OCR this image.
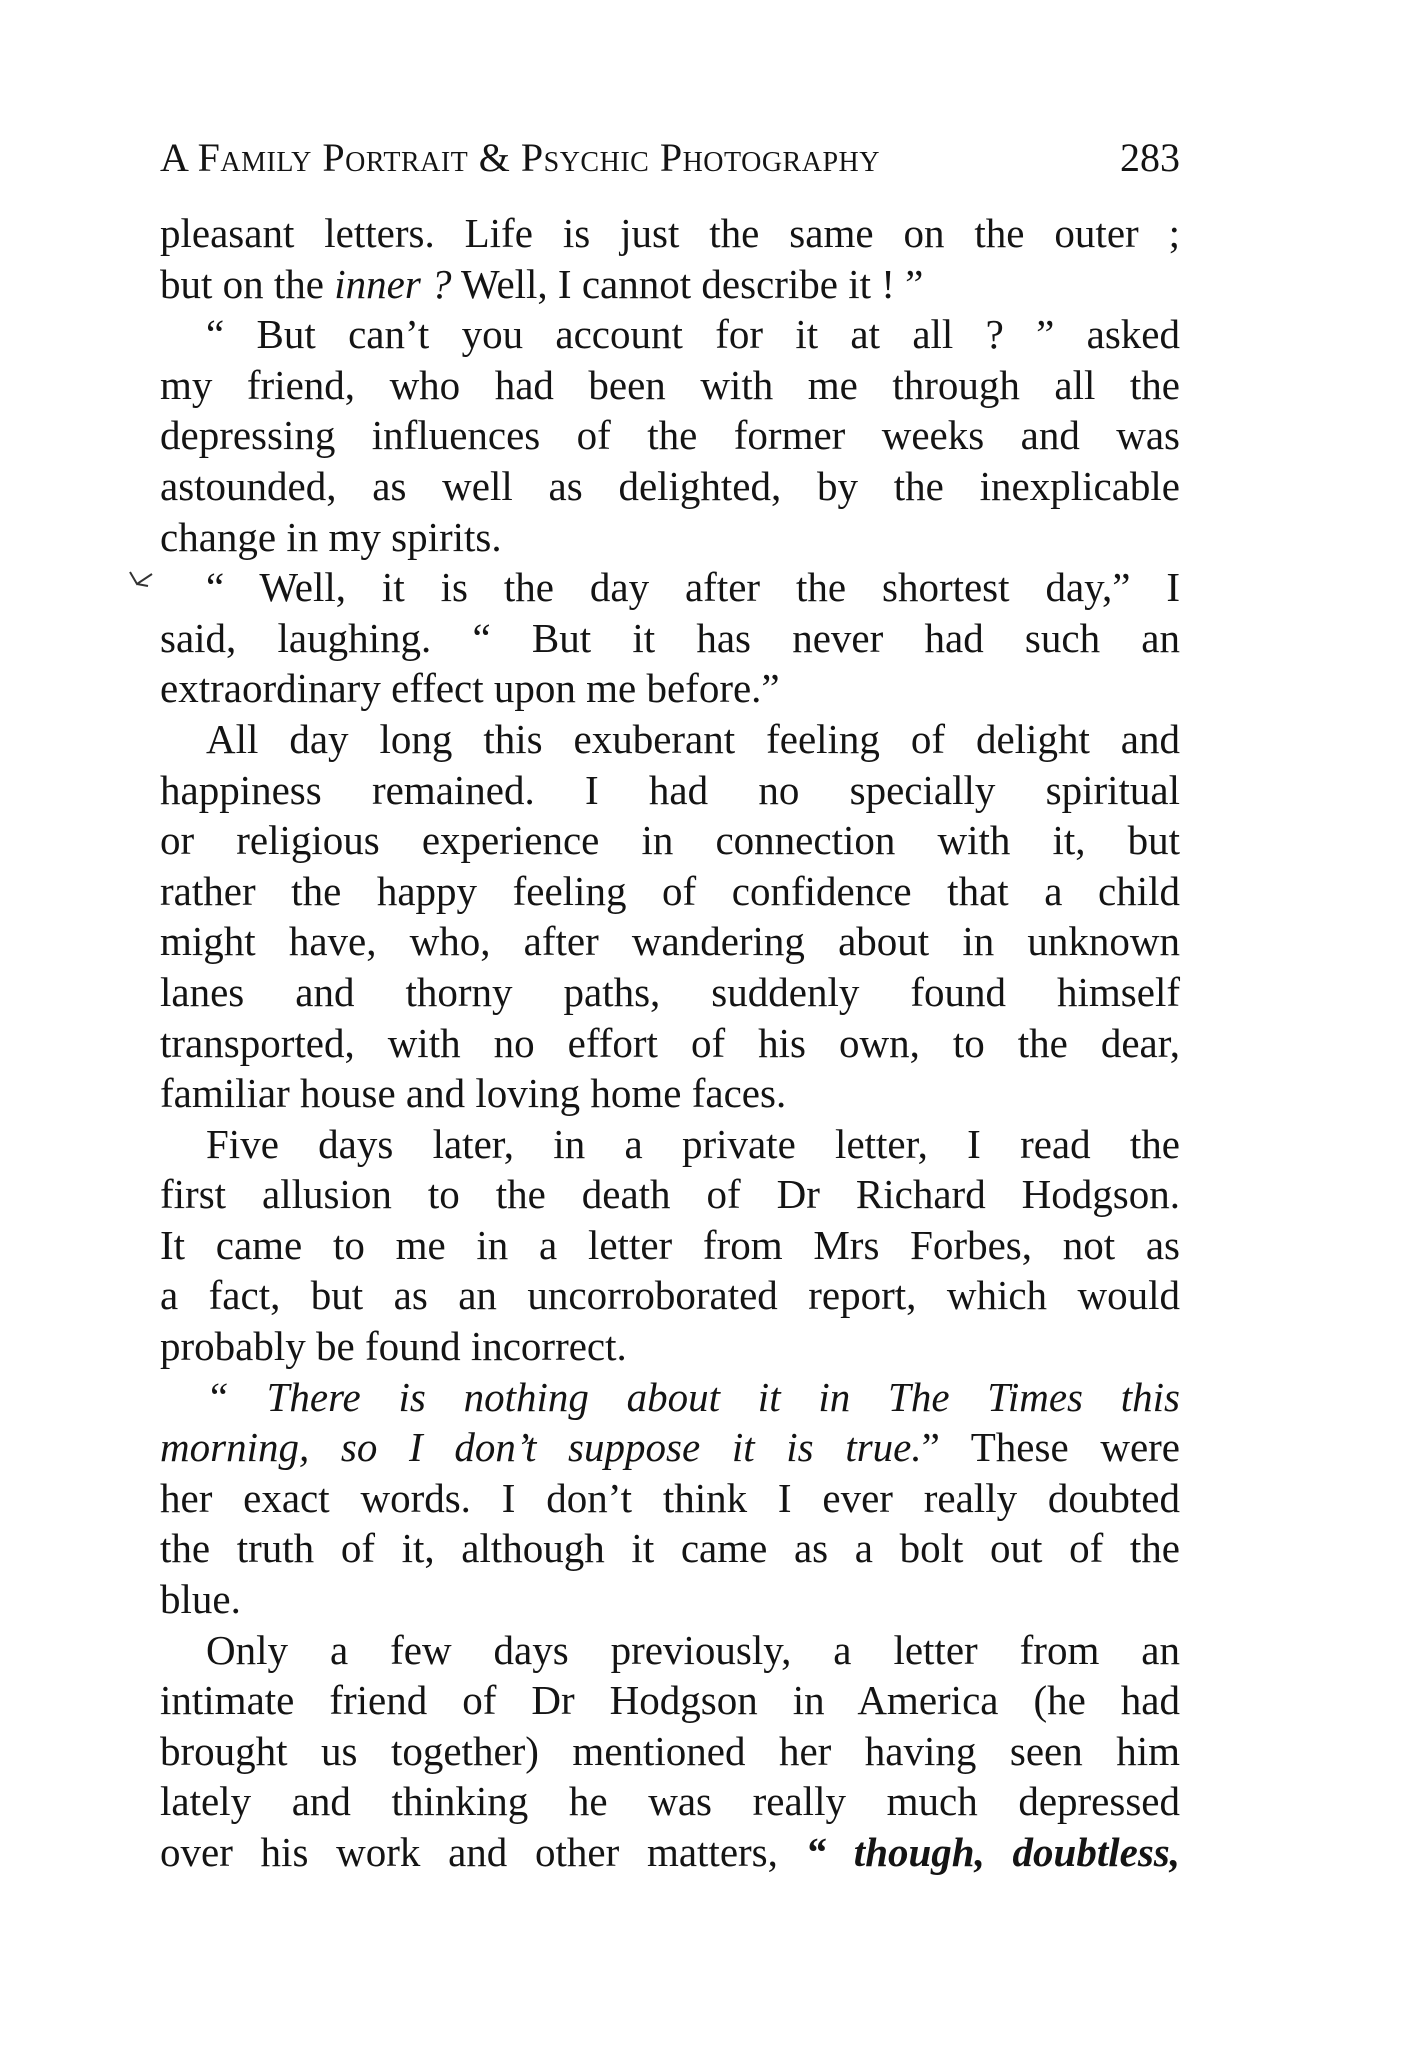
A Family Portrait & Psychic Photography	283
pleasant letters. Life is just the same on the outer ;
but on the inner ? Well, I cannot describe it ! ”
“ But can’t you account for it at all ? ” asked
my friend, who had been with me through all the
depressing influences of the former weeks and was
astounded, as well as delighted, by the inexplicable
change in my spirits.
“ Well, it is the day after the shortest day,” I
said, laughing. “ But it has never had such an
extraordinary effect upon me before.”
All day long this exuberant feeling of delight and
happiness remained. I had no specially spiritual
or religious experience in connection with it, but
rather the happy feeling of confidence that a child
might have, who, after wandering about in unknown
lanes and thorny paths, suddenly found himself
transported, with no effort of his own, to the dear,
familiar house and loving home faces.
Five days later, in a private letter, I read the
first allusion to the death of Dr Richard Hodgson.
It came to me in a letter from Mrs Forbes, not as
a fact, but as an uncorroborated report, which would
probably be found incorrect.
“ There is nothing about it in The Times this
morning, so I don’t suppose it is true.” These were
her exact words. I don’t think I ever really doubted
the truth of it, although it came as a bolt out of the
blue.
Only a few days previously, a letter from an
intimate friend of Dr Hodgson in America (he had
brought us together) mentioned her having seen him
lately and thinking he was really much depressed
over his work and other matters, “ though, doubtless,
